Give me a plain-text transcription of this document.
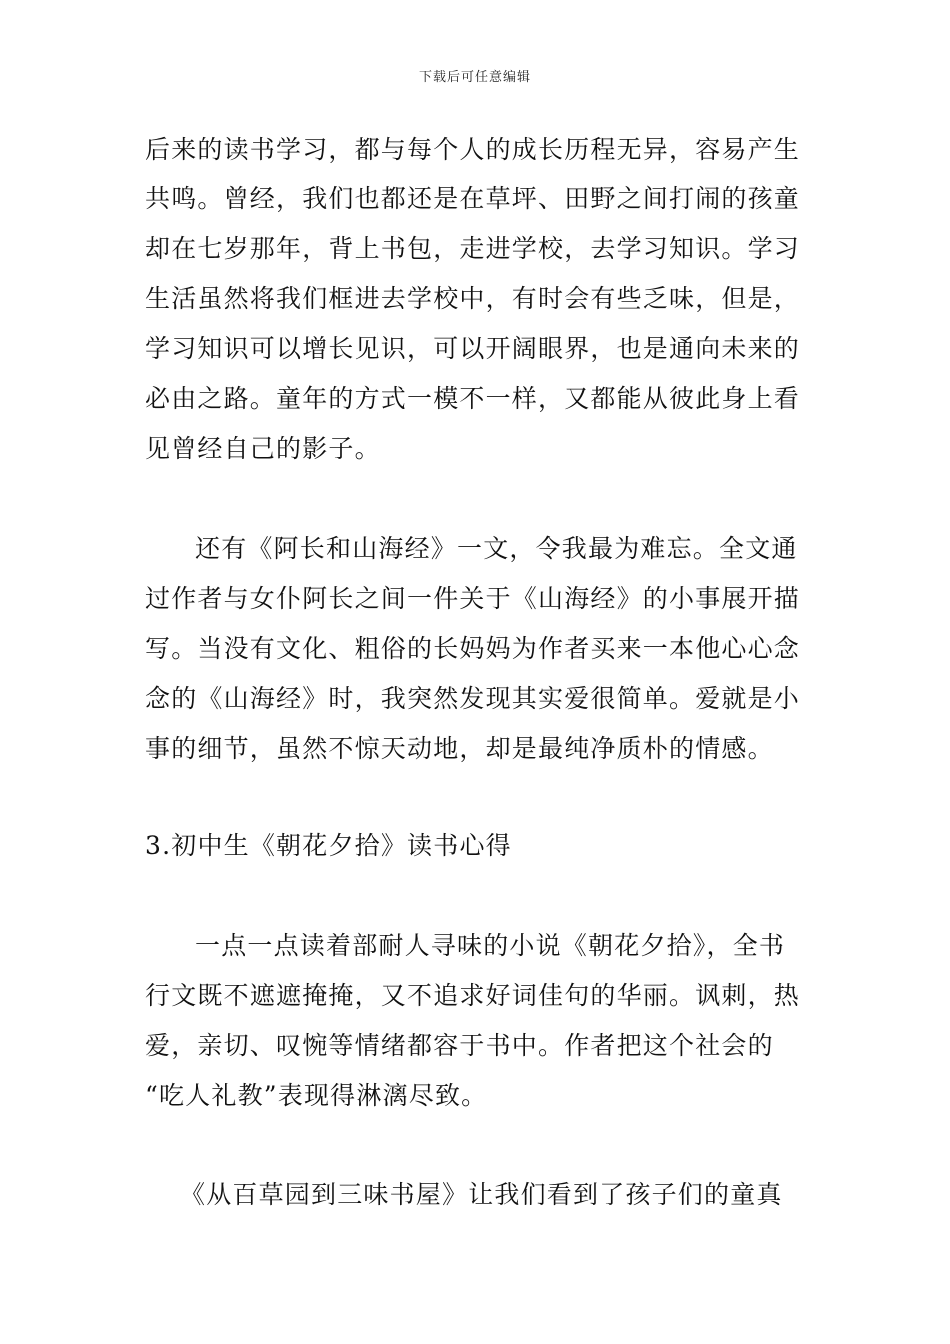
下载后可任意编辑
后来的读书学习，都与每个人的成长历程无异，容易产生
共鸣。曾经，我们也都还是在草坪、田野之间打闹的孩童
却在七岁那年，背上书包，走进学校，去学习知识。学习
生活虽然将我们框进去学校中，有时会有些乏味，但是，
学习知识可以增长见识，可以开阔眼界，也是通向未来的
必由之路。童年的方式一模不一样，又都能从彼此身上看
见曾经自己的影子。
还有《阿长和山海经》一文，令我最为难忘。全文通
过作者与女仆阿长之间一件关于《山海经》的小事展开描
写。当没有文化、粗俗的长妈妈为作者买来一本他心心念
念的《山海经》时，我突然发现其实爱很简单。爱就是小
事的细节，虽然不惊天动地，却是最纯净质朴的情感。
3.初中生《朝花夕拾》读书心得
一点一点读着部耐人寻味的小说《朝花夕拾》，全书
行文既不遮遮掩掩，又不追求好词佳句的华丽。讽刺，热
爱，亲切、叹惋等情绪都容于书中。作者把这个社会的
“吃人礼教”表现得淋漓尽致。
《从百草园到三味书屋》让我们看到了孩子们的童真
